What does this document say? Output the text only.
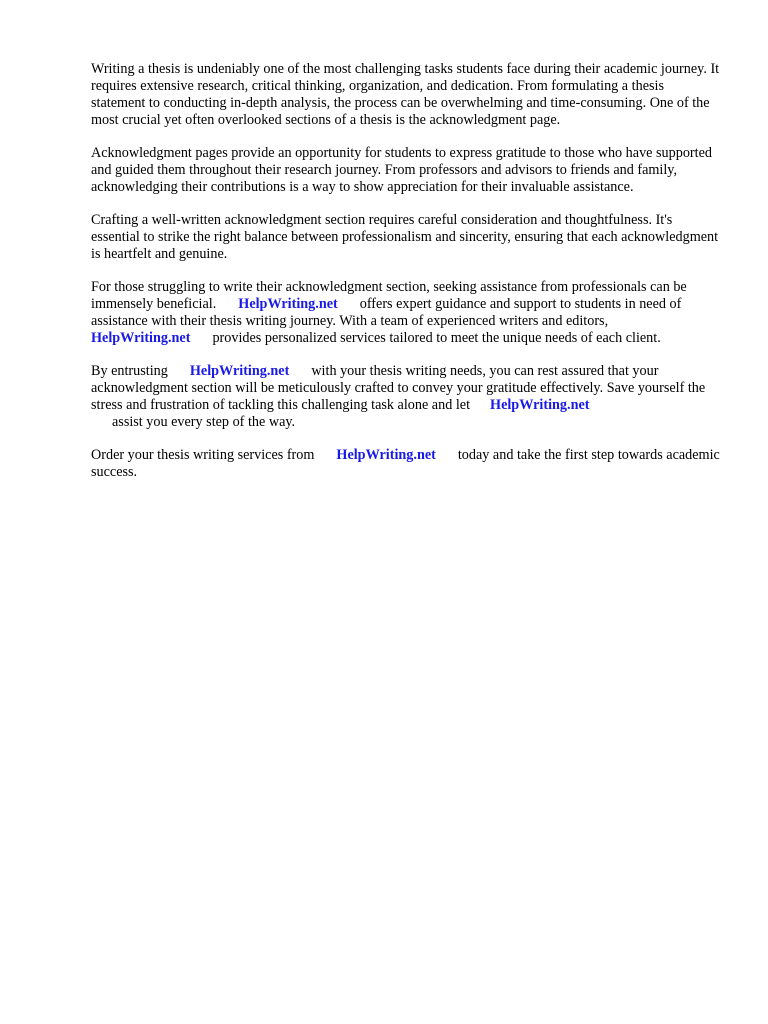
Writing a thesis is undeniably one of the most challenging tasks students face during their academic journey. It requires extensive research, critical thinking, organization, and dedication. From formulating a thesis statement to conducting in-depth analysis, the process can be overwhelming and time-consuming. One of the most crucial yet often overlooked sections of a thesis is the acknowledgment page.

Acknowledgment pages provide an opportunity for students to express gratitude to those who have supported and guided them throughout their research journey. From professors and advisors to friends and family, acknowledging their contributions is a way to show appreciation for their invaluable assistance.

Crafting a well-written acknowledgment section requires careful consideration and thoughtfulness. It's essential to strike the right balance between professionalism and sincerity, ensuring that each acknowledgment is heartfelt and genuine.

For those struggling to write their acknowledgment section, seeking assistance from professionals can be immensely beneficial. HelpWriting.net offers expert guidance and support to students in need of assistance with their thesis writing journey. With a team of experienced writers and editors,HelpWriting.net provides personalized services tailored to meet the unique needs of each client.

By entrusting HelpWriting.net with your thesis writing needs, you can rest assured that your acknowledgment section will be meticulously crafted to convey your gratitude effectively. Save yourself the stress and frustration of tackling this challenging task alone and let HelpWriting.net
assist you every step of the way.

Order your thesis writing services from HelpWriting.net today and take the first step towards academic success.
